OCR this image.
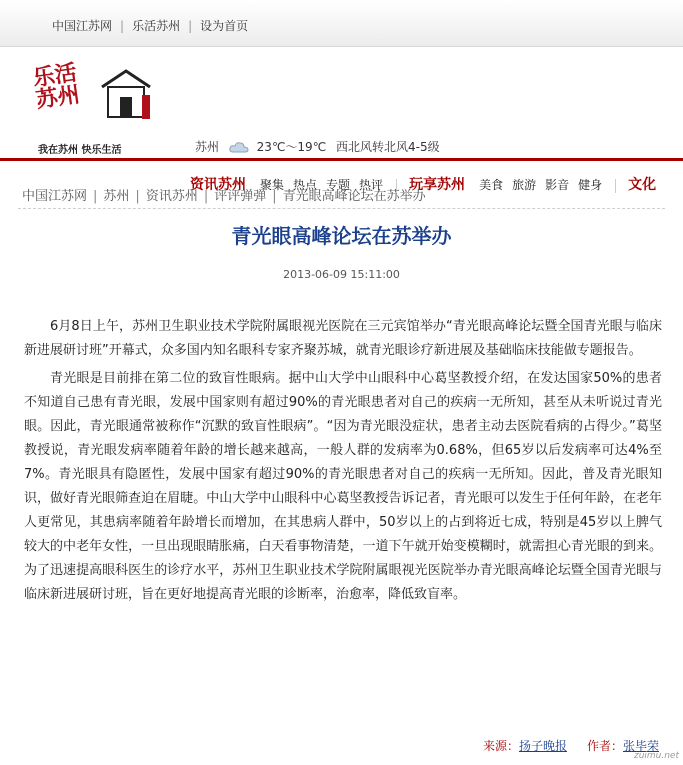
中国江苏网 | 乐活苏州 | 设为首页
乐活苏州
我在苏州 快乐生活	苏州	23℃～19℃ 西北风转北风4-5级
资讯苏州 聚集 热点 专题 热评 玩享苏州 美食 旅游 影音 健身 文化
中国江苏网 | 苏州 | 资讯苏州 | 评评弹弹 | 青光眼高峰论坛在苏举办
青光眼高峰论坛在苏举办
2013-06-09 15:11:00

6月8日上午，苏州卫生职业技术学院附属眼视光医院在三元宾馆举办“青光眼高峰论坛暨全国青光眼与临床新进展研讨班”开幕式，众多国内知名眼科专家齐聚苏城，就青光眼诊疗新进展及基础临床技能做专题报告。

青光眼是目前排在第二位的致盲性眼病。据中山大学中山眼科中心葛坚教授介绍，在发达国家50%的患者不知道自己患有青光眼，发展中国家则有超过90%的青光眼患者对自己的疾病一无所知，甚至从未听说过青光眼。因此，青光眼通常被称作“沉默的致盲性眼病”。“因为青光眼没症状，患者主动去医院看病的占得少。”葛坚教授说，青光眼发病率随着年龄的增长越来越高，一般人群的发病率为0.68%，但65岁以后发病率可达4%至7%。青光眼具有隐匿性，发展中国家有超过90%的青光眼患者对自己的疾病一无所知。因此，普及青光眼知识，做好青光眼筛查迫在眉睫。中山大学中山眼科中心葛坚教授告诉记者，青光眼可以发生于任何年龄，在老年人更常见，其患病率随着年龄增长而增加，在其患病人群中，50岁以上的占到将近七成，特别是45岁以上脾气较大的中老年女性，一旦出现眼睛胀痛，白天看事物清楚，一道下午就开始变模糊时，就需担心青光眼的到来。为了迅速提高眼科医生的诊疗水平，苏州卫生职业技术学院附属眼视光医院举办青光眼高峰论坛暨全国青光眼与临床新进展研讨班，旨在更好地提高青光眼的诊断率，治愈率，降低致盲率。

来源：扬子晚报 作者：张毕荣
zuimu.net
